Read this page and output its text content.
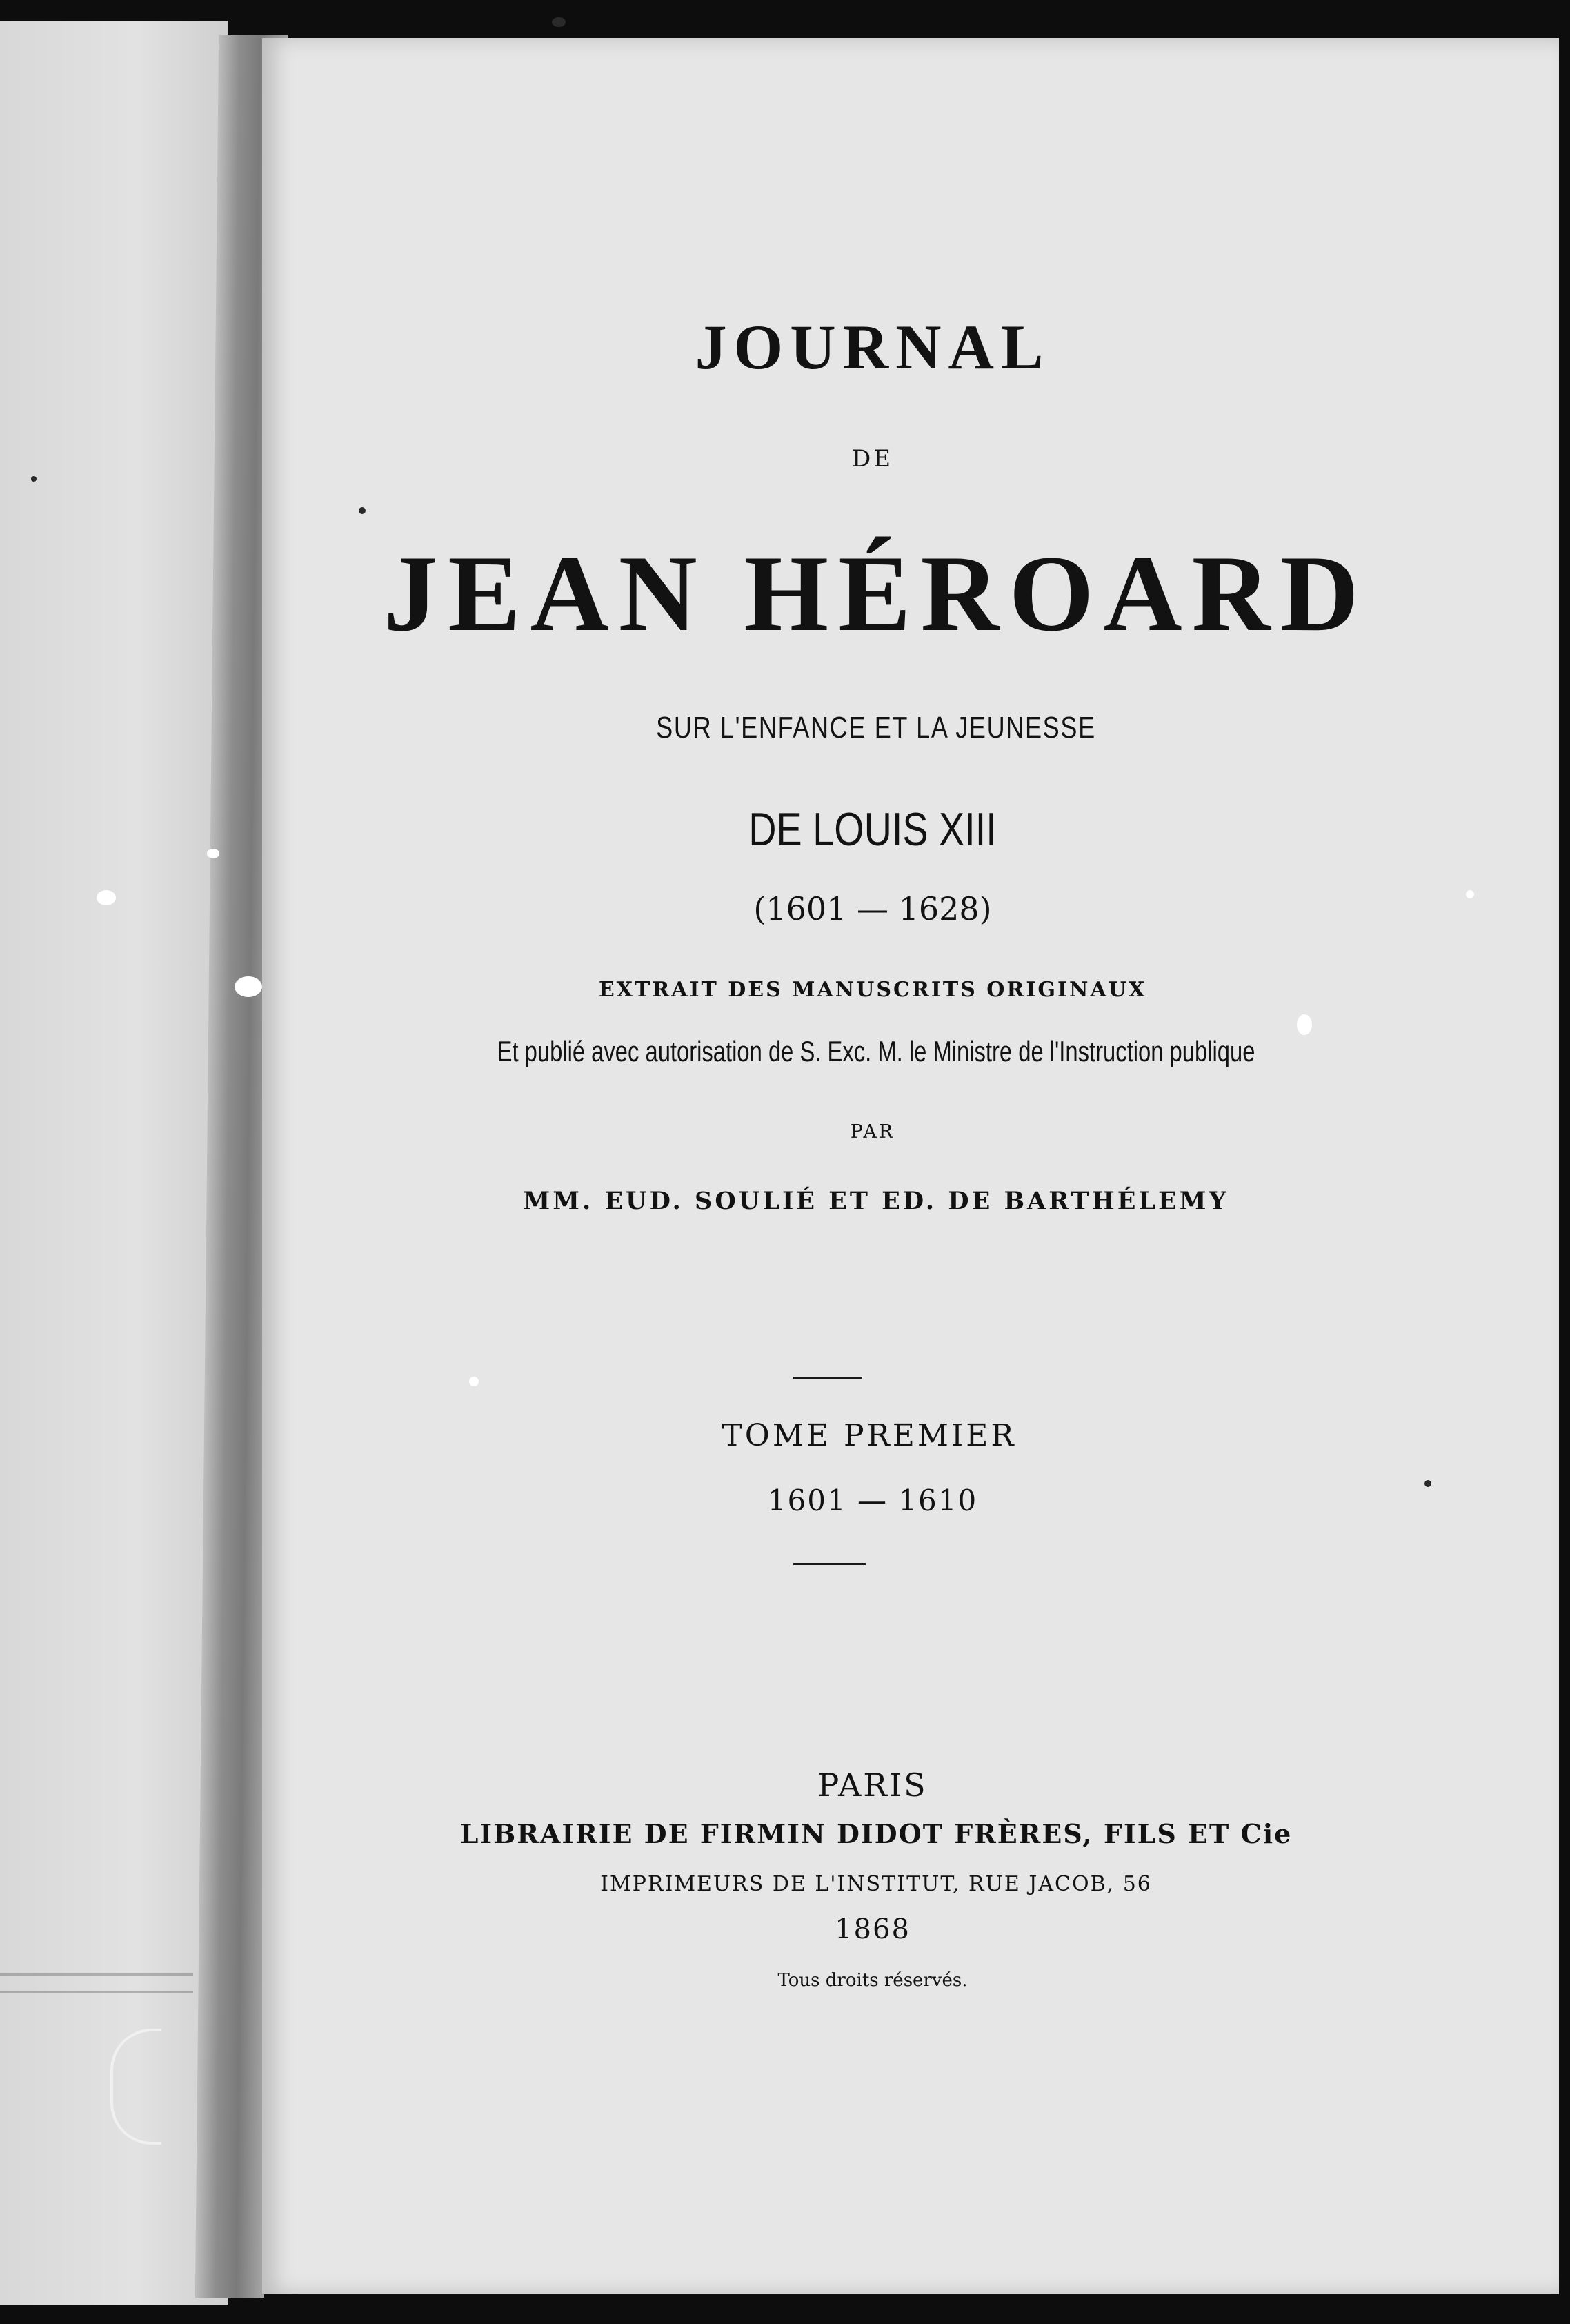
JOURNAL
DE
JEAN HÉROARD
SUR L'ENFANCE ET LA JEUNESSE
DE LOUIS XIII
(1601 — 1628)
EXTRAIT DES MANUSCRITS ORIGINAUX
Et publié avec autorisation de S. Exc. M. le Ministre de l'Instruction publique
PAR
MM. EUD. SOULIÉ ET ED. DE BARTHÉLEMY
TOME PREMIER
1601 — 1610
PARIS
LIBRAIRIE DE FIRMIN DIDOT FRÈRES, FILS ET Cie
IMPRIMEURS DE L'INSTITUT, RUE JACOB, 56
1868
Tous droits réservés.
